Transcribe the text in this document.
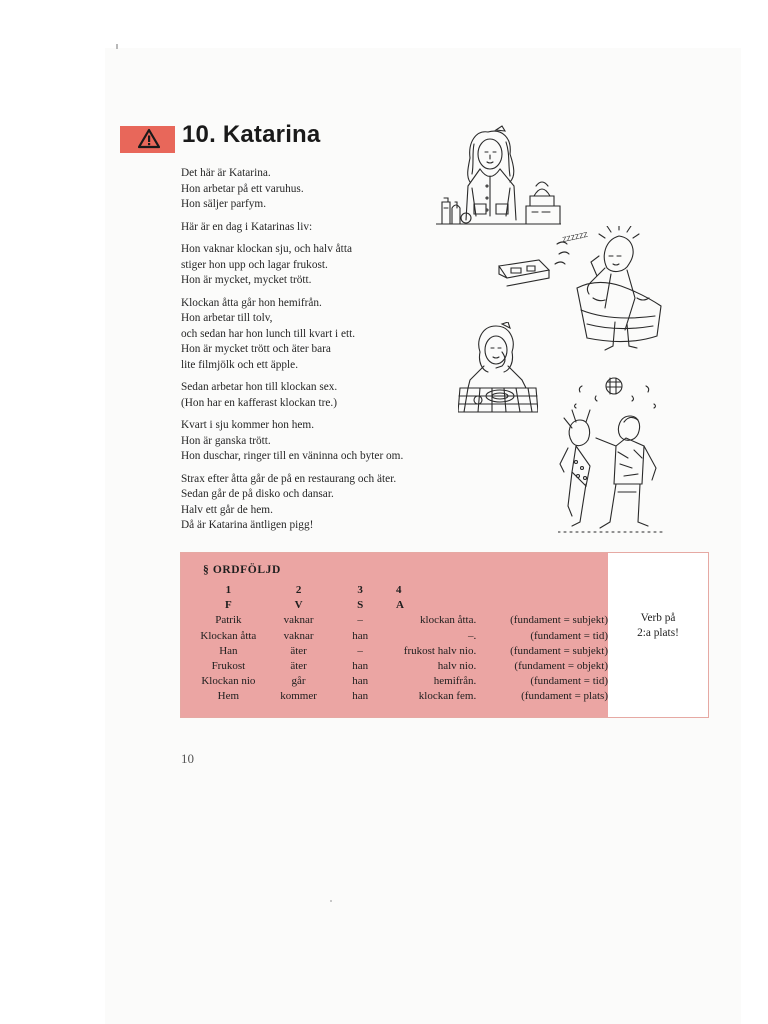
10. Katarina

Det här är Katarina.
Hon arbetar på ett varuhus.
Hon säljer parfym.

Här är en dag i Katarinas liv:

Hon vaknar klockan sju, och halv åtta
stiger hon upp och lagar frukost.
Hon är mycket, mycket trött.

Klockan åtta går hon hemifrån.
Hon arbetar till tolv,
och sedan har hon lunch till kvart i ett.
Hon är mycket trött och äter bara
lite filmjölk och ett äpple.

Sedan arbetar hon till klockan sex.
(Hon har en kafferast klockan tre.)

Kvart i sju kommer hon hem.
Hon är ganska trött.
Hon duschar, ringer till en väninna och byter om.

Strax efter åtta går de på en restaurang och äter.
Sedan går de på disko och dansar.
Halv ett går de hem.
Då är Katarina äntligen pigg!

ZZZZZZ
§ ORDFÖLJD
1	2	3	4	
F	V	S	A	
Patrik	vaknar	–	klockan åtta.	(fundament = subjekt)
Klockan åtta	vaknar	han	–.	(fundament = tid)
Han	äter	–	frukost halv nio.	(fundament = subjekt)
Frukost	äter	han	halv nio.	(fundament = objekt)
Klockan nio	går	han	hemifrån.	(fundament = tid)
Hem	kommer	han	klockan fem.	(fundament = plats)
Verb på
2:a plats!
10
